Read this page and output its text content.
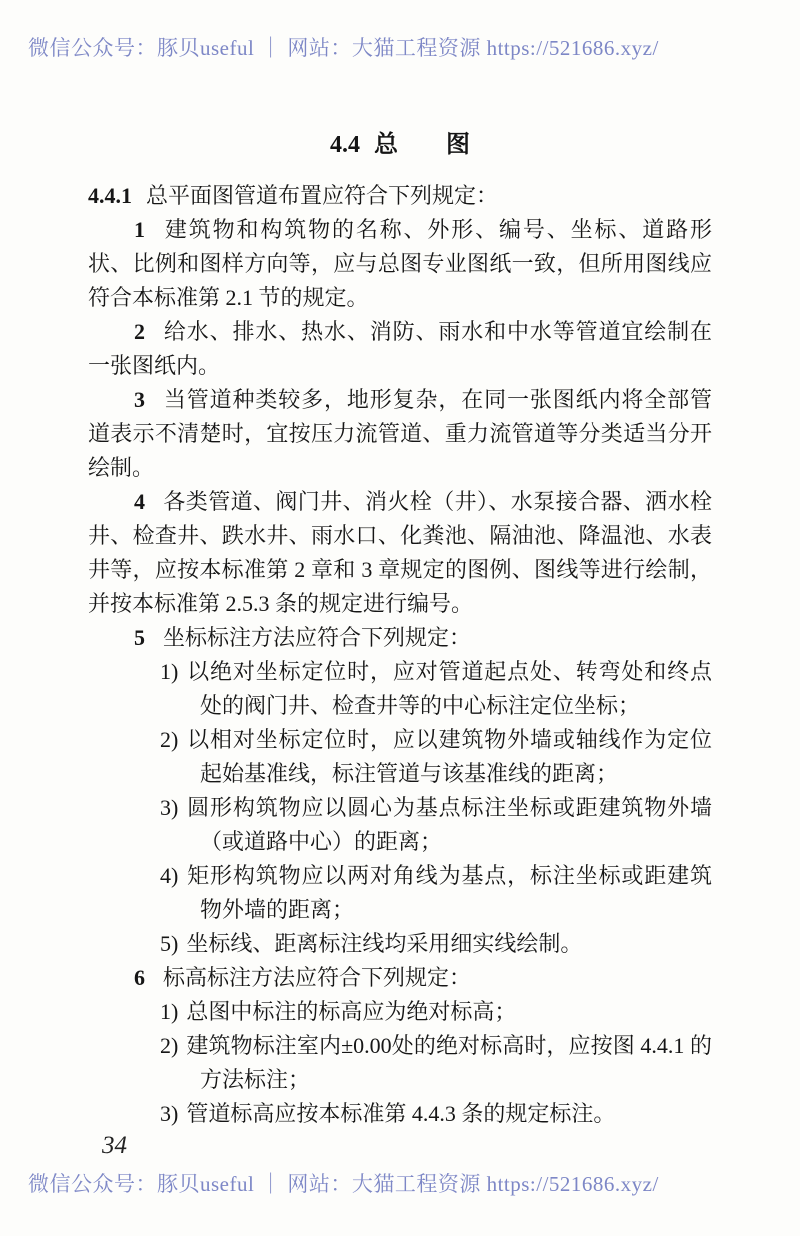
微信公众号：豚贝useful ｜ 网站：大猫工程资源 https://521686.xyz/
4.4 总　　图

4.4.1 总平面图管道布置应符合下列规定：

1 建筑物和构筑物的名称、外形、编号、坐标、道路形状、比例和图样方向等，应与总图专业图纸一致，但所用图线应符合本标准第 2.1 节的规定。

2 给水、排水、热水、消防、雨水和中水等管道宜绘制在一张图纸内。

3 当管道种类较多，地形复杂，在同一张图纸内将全部管道表示不清楚时，宜按压力流管道、重力流管道等分类适当分开绘制。

4 各类管道、阀门井、消火栓（井）、水泵接合器、洒水栓井、检查井、跌水井、雨水口、化粪池、隔油池、降温池、水表井等，应按本标准第 2 章和 3 章规定的图例、图线等进行绘制，并按本标准第 2.5.3 条的规定进行编号。

5 坐标标注方法应符合下列规定：

1) 以绝对坐标定位时，应对管道起点处、转弯处和终点处的阀门井、检查井等的中心标注定位坐标；

2) 以相对坐标定位时，应以建筑物外墙或轴线作为定位起始基准线，标注管道与该基准线的距离；

3) 圆形构筑物应以圆心为基点标注坐标或距建筑物外墙（或道路中心）的距离；

4) 矩形构筑物应以两对角线为基点，标注坐标或距建筑物外墙的距离；

5) 坐标线、距离标注线均采用细实线绘制。

6 标高标注方法应符合下列规定：

1) 总图中标注的标高应为绝对标高；

2) 建筑物标注室内±0.00处的绝对标高时，应按图 4.4.1 的方法标注；

3) 管道标高应按本标准第 4.4.3 条的规定标注。

34
微信公众号：豚贝useful ｜ 网站：大猫工程资源 https://521686.xyz/
